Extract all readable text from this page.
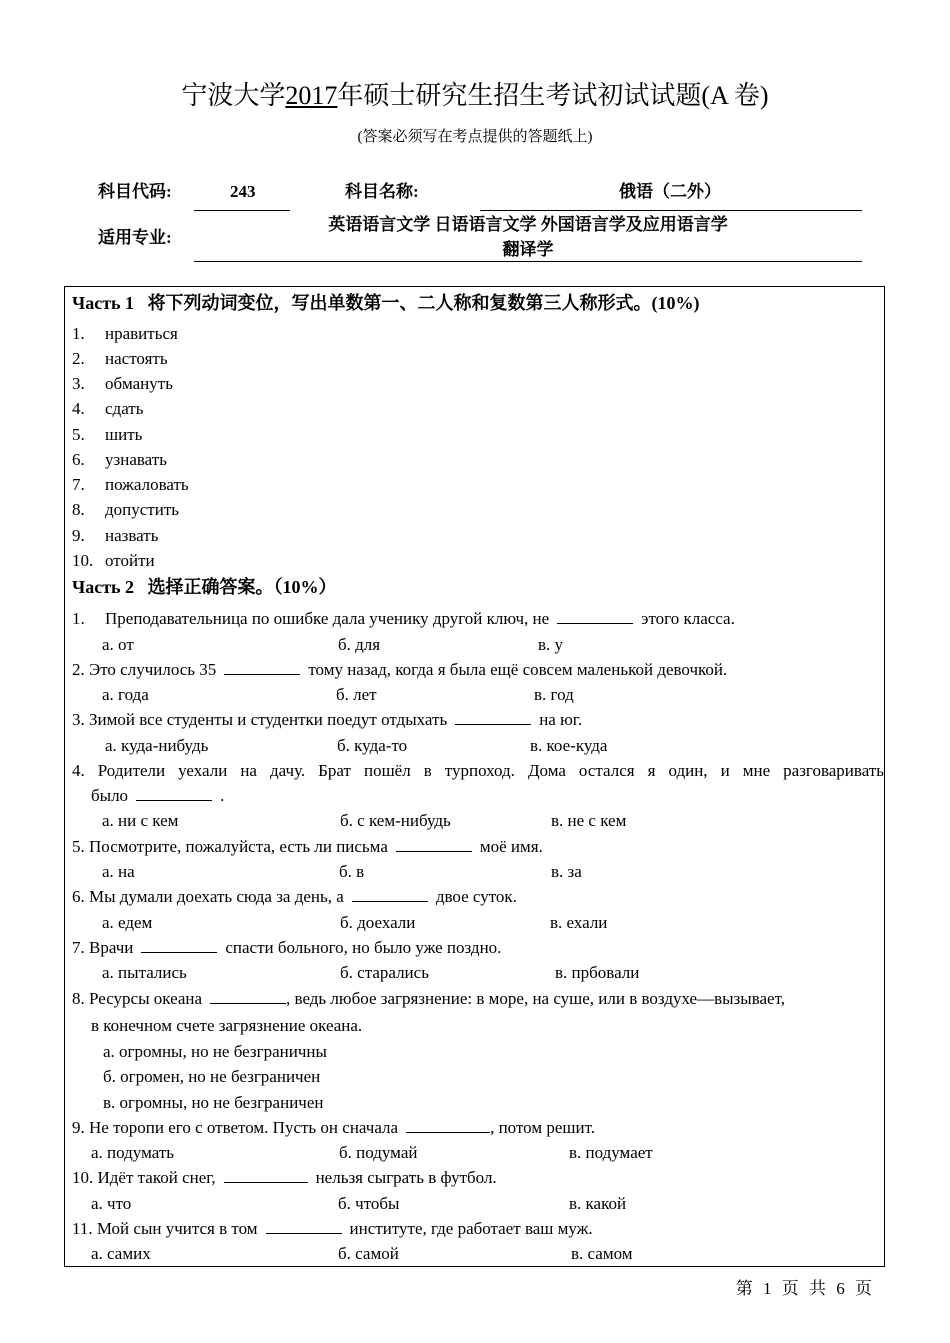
宁波大学2017年硕士研究生招生考试初试试题(A 卷)
(答案必须写在考点提供的答题纸上)
科目代码:	243	科目名称:	俄语（二外）
适用专业:
英语语言文学 日语语言文学 外国语言学及应用语言学
翻译学
Часть 1 将下列动词变位，写出单数第一、二人称和复数第三人称形式。(10%)
1. нравиться
2. настоять
3. обмануть
4. сдать
5. шить
6. узнавать
7. пожаловать
8. допустить
9. назвать
10. отойти
Часть 2 选择正确答案。（10%）
1. Преподавательница по ошибке дала ученику другой ключ, не	этого класса.
а. от	б. для	в. у
2. Это случилось 35	тому назад, когда я была ещё совсем маленькой девочкой.
а. года	б. лет	в. год
3. Зимой все студенты и студентки поедут отдыхать	на юг.
а. куда-нибудь	б. куда-то	в. кое-куда
4. Родители уехали на дачу. Брат пошёл в турпоход. Дома остался я один, и мне разговаривать
было	.
а. ни с кем	б. с кем-нибудь	в. не с кем
5. Посмотрите, пожалуйста, есть ли письма	моё имя.
а. на	б. в	в. за
6. Мы думали доехать сюда за день, а	двое суток.
а. едем	б. доехали	в. ехали
7. Врачи	спасти больного, но было уже поздно.
а. пытались	б. старались	в. прбовали
8. Ресурсы океана	, ведь любое загрязнение: в море, на суше, или в воздухе—вызывает,
в конечном счете загрязнение океана.
а. огромны, но не безграничны
б. огромен, но не безграничен
в. огромны, но не безграничен
9. Не торопи его с ответом. Пусть он сначала	, потом решит.
а. подумать	б. подумай	в. подумает
10. Идёт такой снег,	нельзя сыграть в футбол.
а. что	б. чтобы	в. какой
11. Мой сын учится в том	институте, где работает ваш муж.
а. самих	б. самой	в. самом
第 1 页 共 6 页
